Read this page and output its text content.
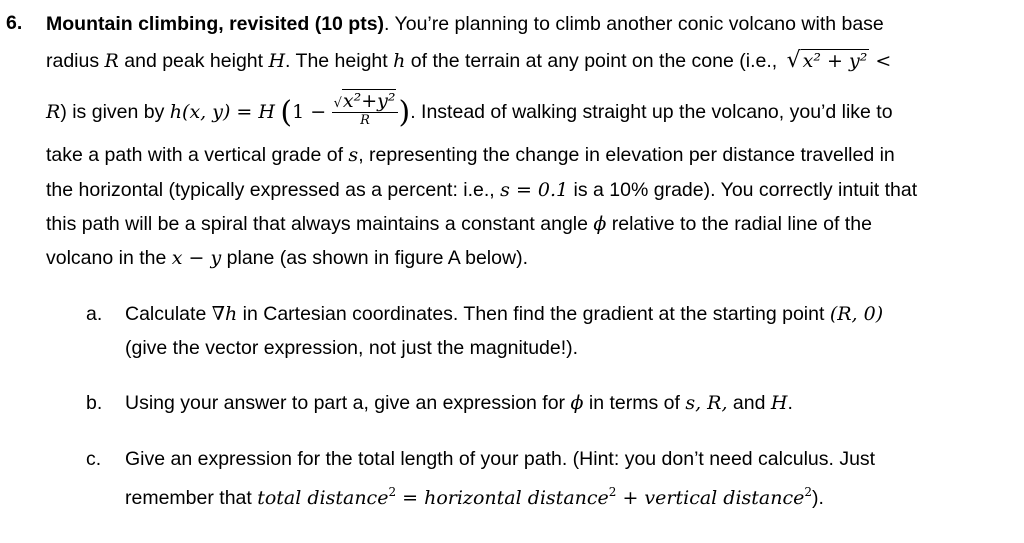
6. Mountain climbing, revisited (10 pts). You’re planning to climb another conic volcano with base
radius R and peak height H. The height h of the terrain at any point on the cone (i.e., √ x² + y² <
R) is given by h(x, y) = H ($1 - \frac{\text{√x²+y²}}{R}$ ). Instead of walking straight up the volcano, you’d like to
take a path with a vertical grade of s, representing the change in elevation per distance travelled in
the horizontal (typically expressed as a percent: i.e., s = 0.1 is a 10% grade). You correctly intuit that
this path will be a spiral that always maintains a constant angle ϕ relative to the radial line of the
volcano in the x − y plane (as shown in figure A below).
a. Calculate ∇h in Cartesian coordinates. Then find the gradient at the starting point (R, 0)
(give the vector expression, not just the magnitude!).
b. Using your answer to part a, give an expression for ϕ in terms of s, R, and H.
c. Give an expression for the total length of your path. (Hint: you don’t need calculus. Just
remember that total distance$^2$ = horizontal distance$^2$ + vertical distance$^2$).
